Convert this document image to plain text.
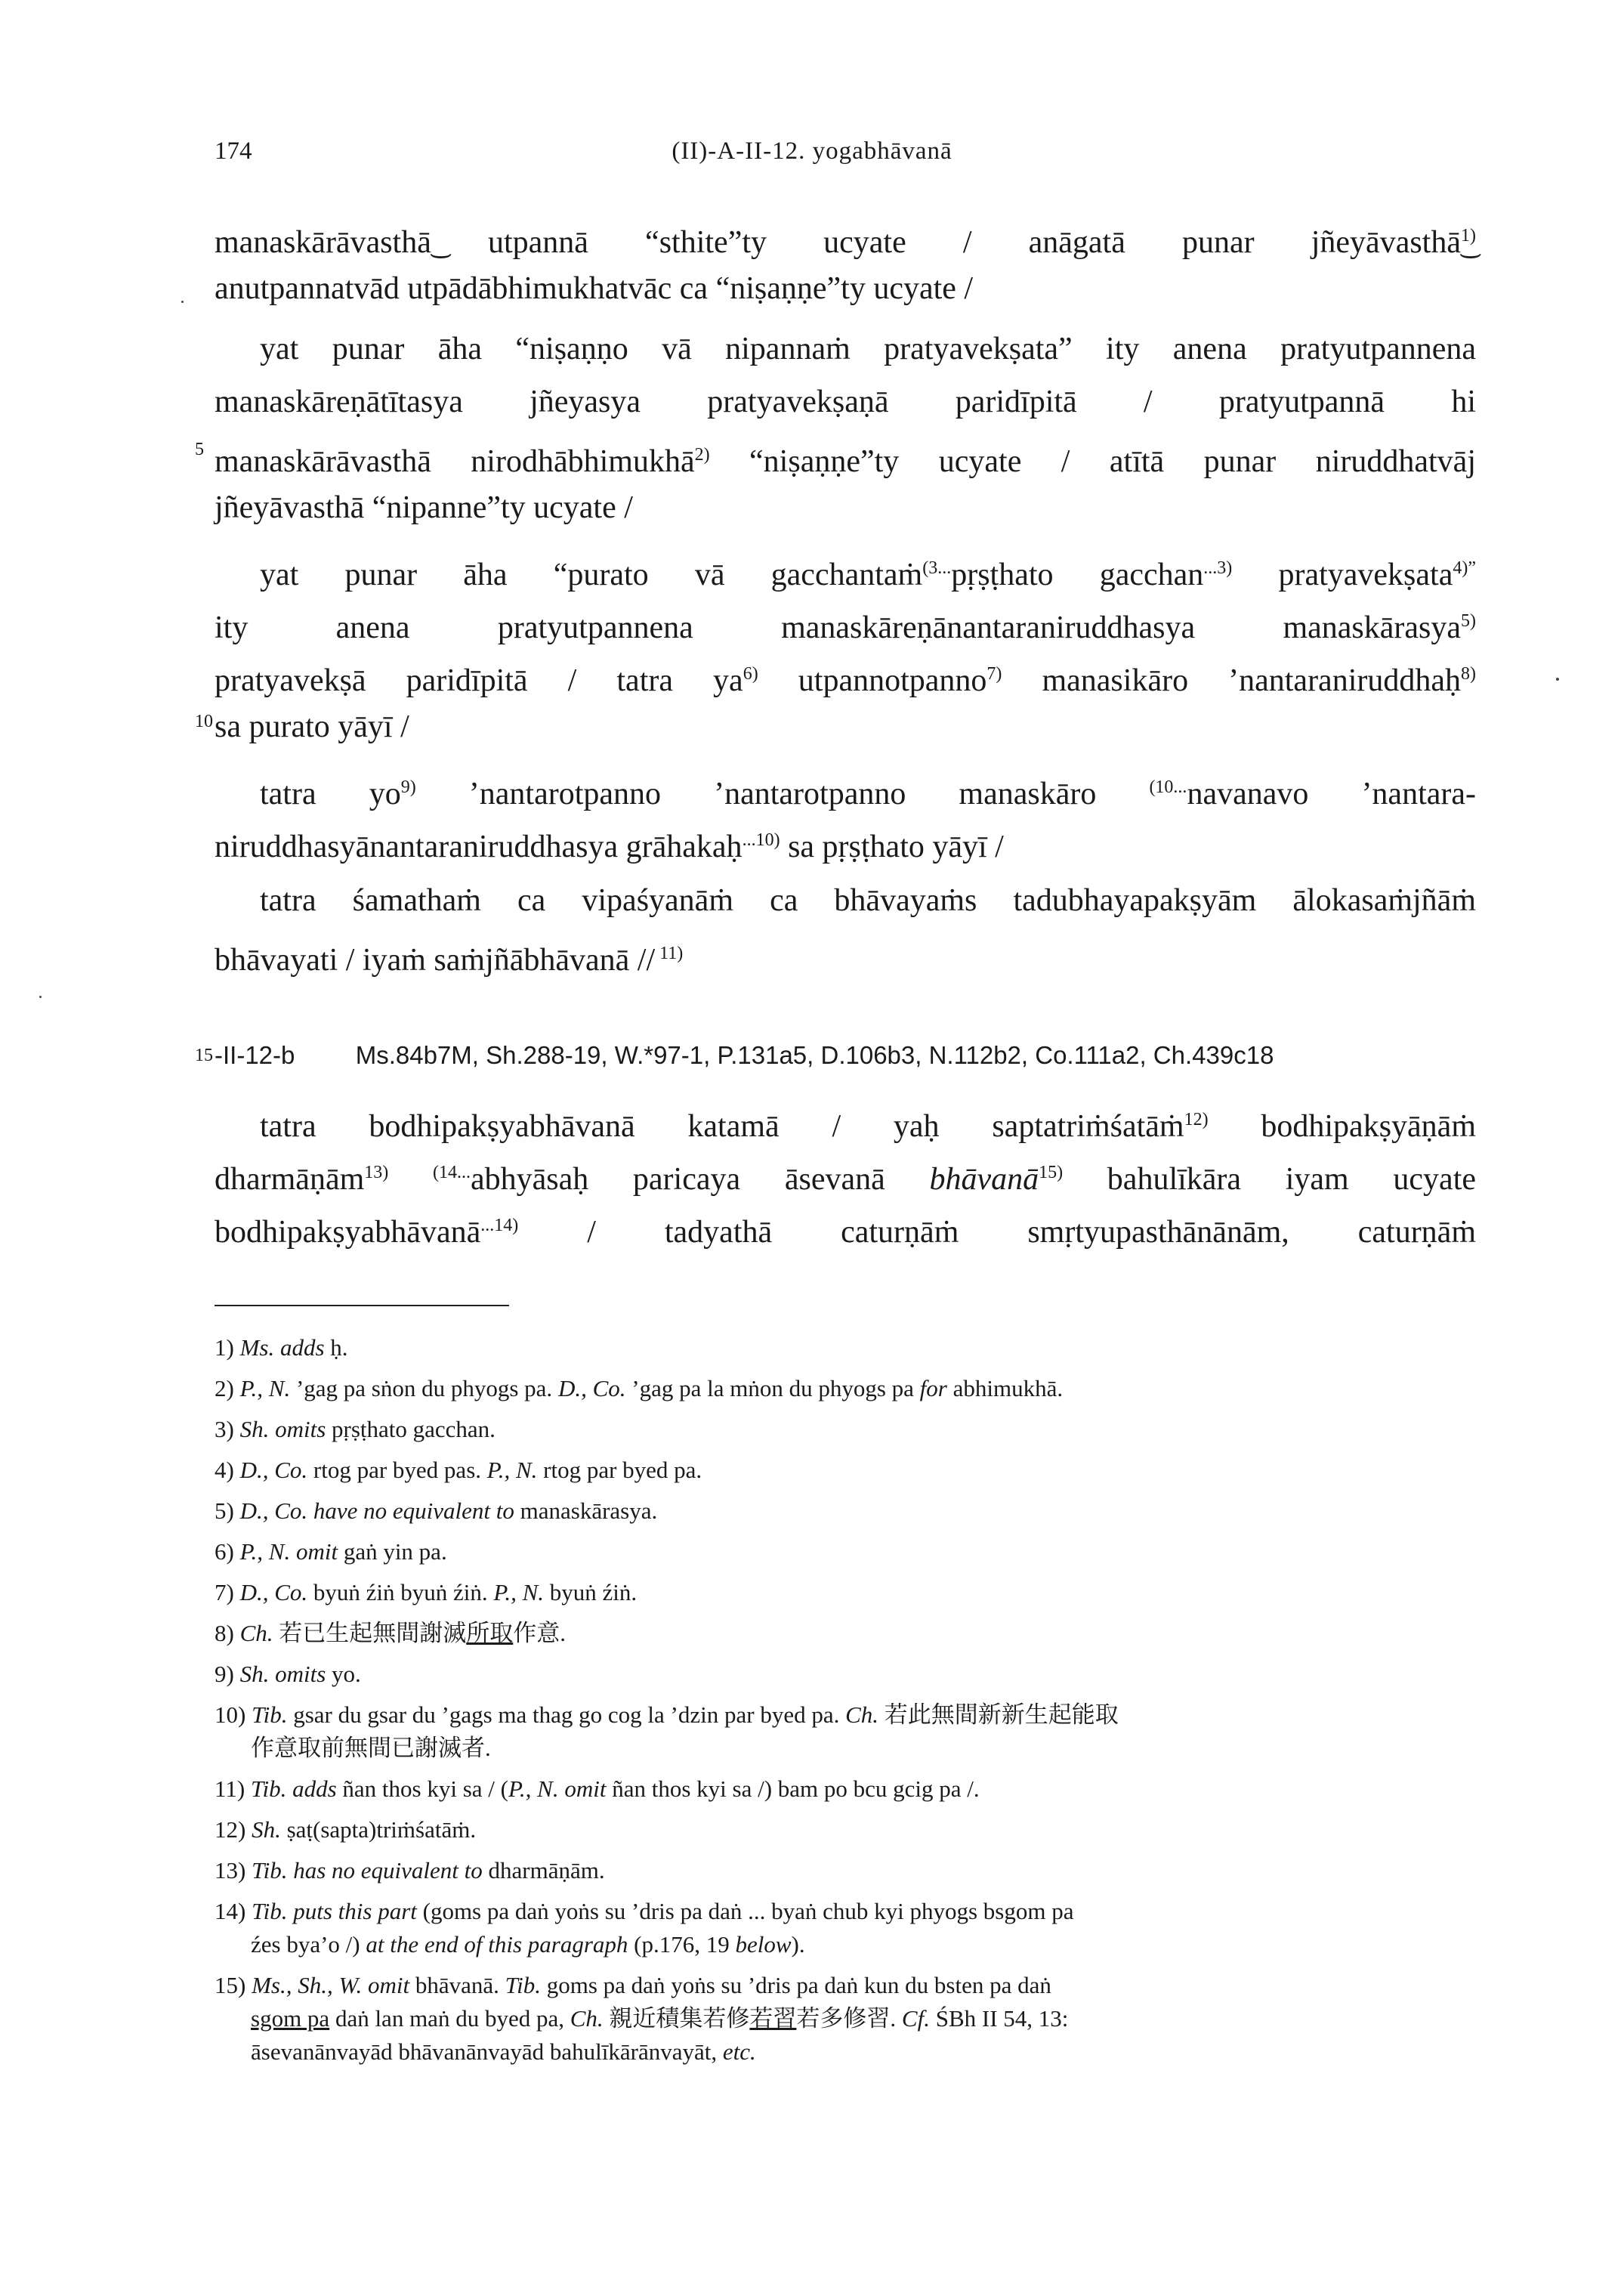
174	(II)-A-II-12. yogabhāvanā
manaskārāvasthā͜ utpannā “sthite”ty ucyate / anāgatā punar jñeyāvasthā͜$^{1)}$
anutpannatvād utpādābhimukhatvāc ca “niṣaṇṇe”ty ucyate /
yat punar āha “niṣaṇṇo vā nipannaṁ pratyavekṣata” ity anena pratyutpannena
manaskāreṇātītasya jñeyasya pratyavekṣaṇā paridīpitā / pratyutpannā hi
manaskārāvasthā nirodhābhimukhā$^{2)}$ “niṣaṇṇe”ty ucyate / atītā punar niruddhatvāj
5
jñeyāvasthā “nipanne”ty ucyate /
yat punar āha “purato vā gacchantaṁ$^{(3...}$pṛṣṭhato gacchan$^{...3)}$ pratyavekṣata$^{4)”}$
ity anena pratyutpannena manaskāreṇānantaraniruddhasya manaskārasya$^{5)}$
pratyavekṣā paridīpitā / tatra $ya^{6)}$ utpannotpanno$^{7)}$ manasikāro ’nantaraniruddhaḥ$^{8)}$
sa purato yāyī /
10
tatra $yo^{9)}$ ’nantarotpanno ’nantarotpanno manaskāro $^{(10...}$navanavo ’nantara-
niruddhasyānantaraniruddhasya grāhakaḥ$^{...10)}$ sa pṛṣṭhato yāyī /
tatra śamathaṁ ca vipaśyanāṁ ca bhāvayaṁs tadubhayapakṣyām ālokasaṁjñāṁ
bhāvayati / iyaṁ saṁjñābhāvanā // $^{11)}$
15 -II-12-b Ms.84b7M, Sh.288-19, W.*97-1, P.131a5, D.106b3, N.112b2, Co.111a2, Ch.439c18
tatra bodhipakṣyabhāvanā katamā / yaḥ saptatriṁśatāṁ$^{12)}$ bodhipakṣyāṇāṁ
dharmāṇām$^{13)}$ $^{(14...}$abhyāsaḥ paricaya āsevanā bhāvanā$^{15)}$ bahulīkāra iyam ucyate
bodhipakṣyabhāvanā$^{...14)}$ / tadyathā caturṇāṁ smṛtyupasthānānām, caturṇāṁ
1) Ms. adds ḥ.
2) P., N. ’gag pa sṅon du phyogs pa. D., Co. ’gag pa la mṅon du phyogs pa for abhimukhā.
3) Sh. omits pṛṣṭhato gacchan.
4) D., Co. rtog par byed pas. P., N. rtog par byed pa.
5) D., Co. have no equivalent to manaskārasya.
6) P., N. omit gaṅ yin pa.
7) D., Co. byuṅ źiṅ byuṅ źiṅ. P., N. byuṅ źiṅ.
8) Ch. 若已生起無間謝滅所取作意.
9) Sh. omits yo.
10) Tib. gsar du gsar du ’gags ma thag go cog la ’dzin par byed pa. Ch. 若此無間新新生起能取
作意取前無間已謝滅者.
11) Tib. adds ñan thos kyi sa / (P., N. omit ñan thos kyi sa /) bam po bcu gcig pa /.
12) Sh. ṣaṭ(sapta)triṁśatāṁ.
13) Tib. has no equivalent to dharmāṇām.
14) Tib. puts this part (goms pa daṅ yoṅs su ’dris pa daṅ ... byaṅ chub kyi phyogs bsgom pa
źes bya’o /) at the end of this paragraph (p.176, 19 below).
15) Ms., Sh., W. omit bhāvanā. Tib. goms pa daṅ yoṅs su ’dris pa daṅ kun du bsten pa daṅ
sgom pa daṅ lan maṅ du byed pa, Ch. 親近積集若修若習若多修習. Cf. ŚBh II 54, 13:
āsevanānvayād bhāvanānvayād bahulīkārānvayāt, etc.
